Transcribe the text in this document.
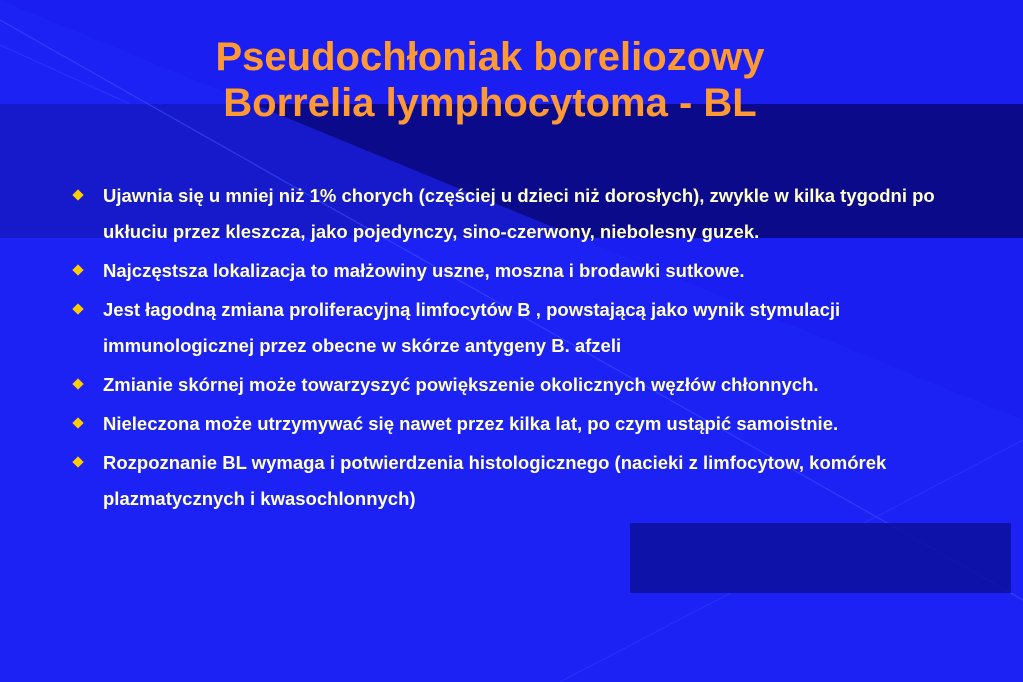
Pseudochłoniak boreliozowy
Borrelia lymphocytoma - BL
Ujawnia się u mniej niż 1% chorych (częściej u dzieci niż dorosłych), zwykle w kilka tygodni po ukłuciu przez kleszcza, jako pojedynczy, sino-czerwony, niebolesny guzek.
Najczęstsza lokalizacja to małżowiny uszne, moszna i brodawki sutkowe.
Jest łagodną zmiana proliferacyjną limfocytów B , powstającą jako wynik stymulacji immunologicznej przez obecne w skórze antygeny B. afzeli
Zmianie skórnej może towarzyszyć powiększenie okolicznych węzłów chłonnych.
Nieleczona może utrzymywać się nawet przez kilka lat, po czym ustąpić samoistnie.
Rozpoznanie BL wymaga i potwierdzenia histologicznego (nacieki z limfocytow, komórek plazmatycznych i kwasochlonnych)
